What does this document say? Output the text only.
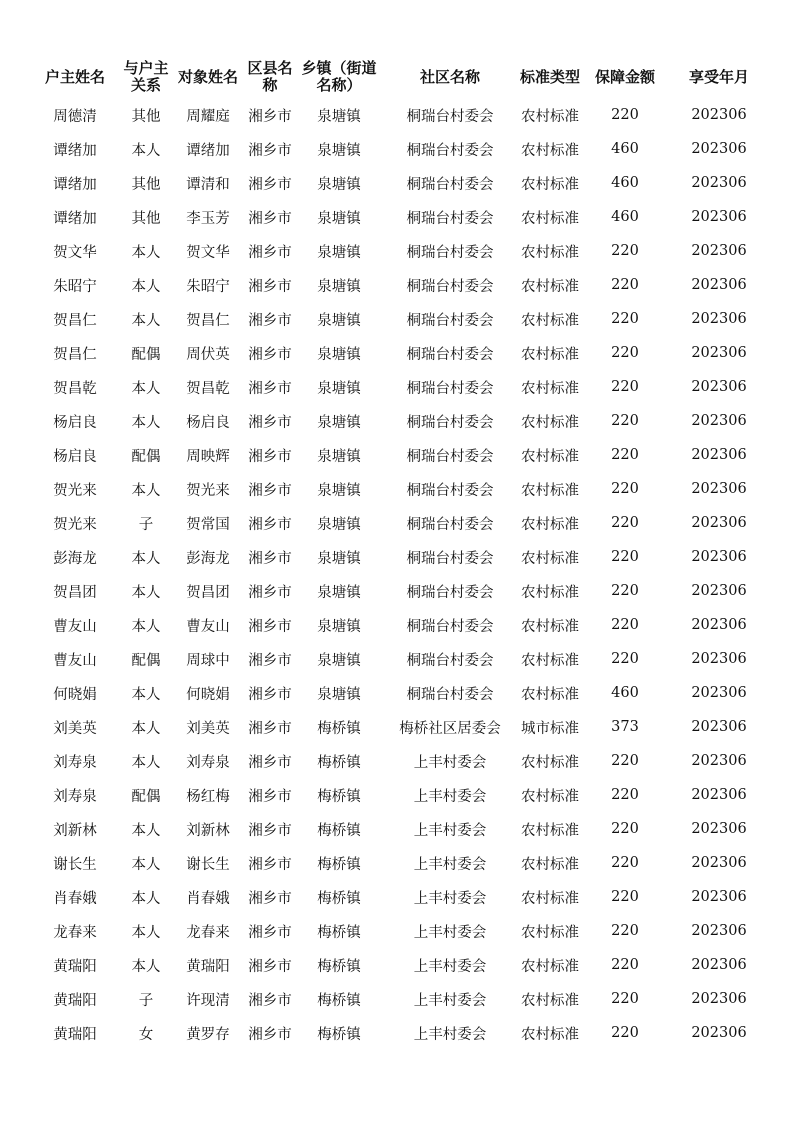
户主姓名	与户主关系	对象姓名	区县名称	乡镇（街道名称）	社区名称	标准类型	保障金额	享受年月
周德清	其他	周耀庭	湘乡市	泉塘镇	桐瑞台村委会	农村标准	220	202306
谭绪加	本人	谭绪加	湘乡市	泉塘镇	桐瑞台村委会	农村标准	460	202306
谭绪加	其他	谭清和	湘乡市	泉塘镇	桐瑞台村委会	农村标准	460	202306
谭绪加	其他	李玉芳	湘乡市	泉塘镇	桐瑞台村委会	农村标准	460	202306
贺文华	本人	贺文华	湘乡市	泉塘镇	桐瑞台村委会	农村标准	220	202306
朱昭宁	本人	朱昭宁	湘乡市	泉塘镇	桐瑞台村委会	农村标准	220	202306
贺昌仁	本人	贺昌仁	湘乡市	泉塘镇	桐瑞台村委会	农村标准	220	202306
贺昌仁	配偶	周伏英	湘乡市	泉塘镇	桐瑞台村委会	农村标准	220	202306
贺昌乾	本人	贺昌乾	湘乡市	泉塘镇	桐瑞台村委会	农村标准	220	202306
杨启良	本人	杨启良	湘乡市	泉塘镇	桐瑞台村委会	农村标准	220	202306
杨启良	配偶	周映辉	湘乡市	泉塘镇	桐瑞台村委会	农村标准	220	202306
贺光来	本人	贺光来	湘乡市	泉塘镇	桐瑞台村委会	农村标准	220	202306
贺光来	子	贺常国	湘乡市	泉塘镇	桐瑞台村委会	农村标准	220	202306
彭海龙	本人	彭海龙	湘乡市	泉塘镇	桐瑞台村委会	农村标准	220	202306
贺昌团	本人	贺昌团	湘乡市	泉塘镇	桐瑞台村委会	农村标准	220	202306
曹友山	本人	曹友山	湘乡市	泉塘镇	桐瑞台村委会	农村标准	220	202306
曹友山	配偶	周球中	湘乡市	泉塘镇	桐瑞台村委会	农村标准	220	202306
何晓娟	本人	何晓娟	湘乡市	泉塘镇	桐瑞台村委会	农村标准	460	202306
刘美英	本人	刘美英	湘乡市	梅桥镇	梅桥社区居委会	城市标准	373	202306
刘寿泉	本人	刘寿泉	湘乡市	梅桥镇	上丰村委会	农村标准	220	202306
刘寿泉	配偶	杨红梅	湘乡市	梅桥镇	上丰村委会	农村标准	220	202306
刘新林	本人	刘新林	湘乡市	梅桥镇	上丰村委会	农村标准	220	202306
谢长生	本人	谢长生	湘乡市	梅桥镇	上丰村委会	农村标准	220	202306
肖春娥	本人	肖春娥	湘乡市	梅桥镇	上丰村委会	农村标准	220	202306
龙春来	本人	龙春来	湘乡市	梅桥镇	上丰村委会	农村标准	220	202306
黄瑞阳	本人	黄瑞阳	湘乡市	梅桥镇	上丰村委会	农村标准	220	202306
黄瑞阳	子	许现清	湘乡市	梅桥镇	上丰村委会	农村标准	220	202306
黄瑞阳	女	黄罗存	湘乡市	梅桥镇	上丰村委会	农村标准	220	202306
